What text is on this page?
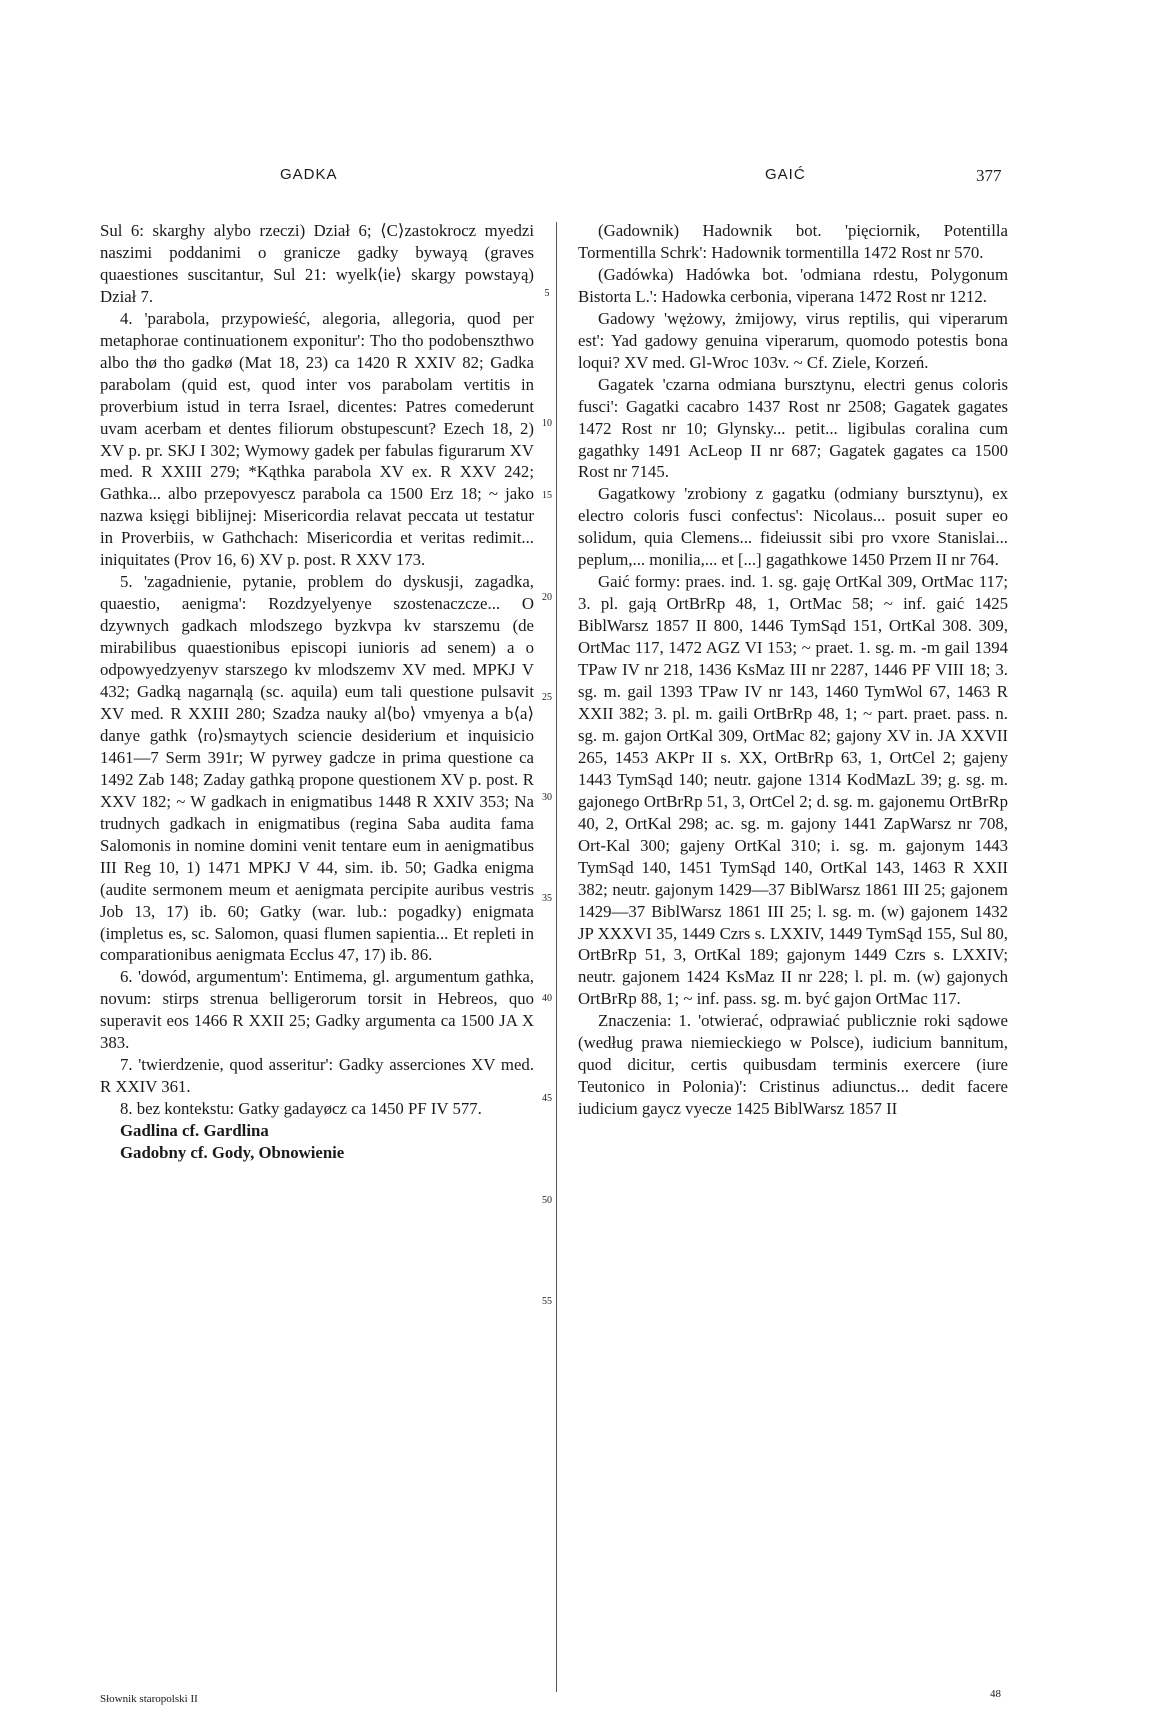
GADKA	GAIĆ	377

Sul 6: skarghy alybo rzeczi) Dział 6; ⟨C⟩zastokrocz myedzi naszimi poddanimi o granicze gadky bywayą (graves quaestiones suscitantur, Sul 21: wyelk⟨ie⟩ skargy powstayą) Dział 7.

4. 'parabola, przypowieść, alegoria, allegoria, quod per metaphorae continuationem exponitur': Tho tho podobenszthwo albo thø tho gadkø (Mat 18, 23) ca 1420 R XXIV 82; Gadka parabolam (quid est, quod inter vos parabolam vertitis in proverbium istud in terra Israel, dicentes: Patres comederunt uvam acerbam et dentes filiorum obstupescunt? Ezech 18, 2) XV p. pr. SKJ I 302; Wymowy gadek per fabulas figurarum XV med. R XXIII 279; *Kąthka parabola XV ex. R XXV 242; Gathka... albo przepovyescz parabola ca 1500 Erz 18; ~ jako nazwa księgi biblijnej: Misericordia relavat peccata ut testatur in Proverbiis, w Gathchach: Misericordia et veritas redimit... iniquitates (Prov 16, 6) XV p. post. R XXV 173.

5. 'zagadnienie, pytanie, problem do dyskusji, zagadka, quaestio, aenigma': Rozdzyelyenye szostenaczcze... O dzywnych gadkach mlodszego byzkvpa kv starszemu (de mirabilibus quaestionibus episcopi iunioris ad senem) a o odpowyedzyenyv starszego kv mlodszemv XV med. MPKJ V 432; Gadką nagarnąlą (sc. aquila) eum tali questione pulsavit XV med. R XXIII 280; Szadza nauky al⟨bo⟩ vmyenya a b⟨a⟩danye gathk ⟨ro⟩smaytych sciencie desiderium et inquisicio 1461—7 Serm 391r; W pyrwey gadcze in prima questione ca 1492 Zab 148; Zaday gathką propone questionem XV p. post. R XXV 182; ~ W gadkach in enigmatibus 1448 R XXIV 353; Na trudnych gadkach in enigmatibus (regina Saba audita fama Salomonis in nomine domini venit tentare eum in aenigmatibus III Reg 10, 1) 1471 MPKJ V 44, sim. ib. 50; Gadka enigma (audite sermonem meum et aenigmata percipite auribus vestris Job 13, 17) ib. 60; Gatky (war. lub.: pogadky) enigmata (impletus es, sc. Salomon, quasi flumen sapientia... Et repleti in comparationibus aenigmata Ecclus 47, 17) ib. 86.

6. 'dowód, argumentum': Entimema, gl. argumentum gathka, novum: stirps strenua belligerorum torsit in Hebreos, quo superavit eos 1466 R XXII 25; Gadky argumenta ca 1500 JA X 383.

7. 'twierdzenie, quod asseritur': Gadky asserciones XV med. R XXIV 361.

8. bez kontekstu: Gatky gadayøcz ca 1450 PF IV 577.

Gadlina cf. Gardlina

Gadobny cf. Gody, Obnowienie

5
10
15
20
25
30
35
40
45
50
55

(Gadownik) Hadownik bot. 'pięciornik, Potentilla Tormentilla Schrk': Hadownik tormentilla 1472 Rost nr 570.

(Gadówka) Hadówka bot. 'odmiana rdestu, Polygonum Bistorta L.': Hadowka cerbonia, viperana 1472 Rost nr 1212.

Gadowy 'wężowy, żmijowy, virus reptilis, qui viperarum est': Yad gadowy genuina viperarum, quomodo potestis bona loqui? XV med. Gl-Wroc 103v. ~ Cf. Ziele, Korzeń.

Gagatek 'czarna odmiana bursztynu, electri genus coloris fusci': Gagatki cacabro 1437 Rost nr 2508; Gagatek gagates 1472 Rost nr 10; Glynsky... petit... ligibulas coralina cum gagathky 1491 AcLeop II nr 687; Gagatek gagates ca 1500 Rost nr 7145.

Gagatkowy 'zrobiony z gagatku (odmiany bursztynu), ex electro coloris fusci confectus': Nicolaus... posuit super eo solidum, quia Clemens... fideiussit sibi pro vxore Stanislai... peplum,... monilia,... et [...] gagathkowe 1450 Przem II nr 764.

Gaić formy: praes. ind. 1. sg. gaję OrtKal 309, OrtMac 117; 3. pl. gają OrtBrRp 48, 1, OrtMac 58; ~ inf. gaić 1425 BiblWarsz 1857 II 800, 1446 TymSąd 151, OrtKal 308. 309, OrtMac 117, 1472 AGZ VI 153; ~ praet. 1. sg. m. -m gail 1394 TPaw IV nr 218, 1436 KsMaz III nr 2287, 1446 PF VIII 18; 3. sg. m. gail 1393 TPaw IV nr 143, 1460 TymWol 67, 1463 R XXII 382; 3. pl. m. gaili OrtBrRp 48, 1; ~ part. praet. pass. n. sg. m. gajon OrtKal 309, OrtMac 82; gajony XV in. JA XXVII 265, 1453 AKPr II s. XX, OrtBrRp 63, 1, OrtCel 2; gajeny 1443 TymSąd 140; neutr. gajone 1314 KodMazL 39; g. sg. m. gajonego OrtBrRp 51, 3, OrtCel 2; d. sg. m. gajonemu OrtBrRp 40, 2, OrtKal 298; ac. sg. m. gajony 1441 ZapWarsz nr 708, Ort-Kal 300; gajeny OrtKal 310; i. sg. m. gajonym 1443 TymSąd 140, 1451 TymSąd 140, OrtKal 143, 1463 R XXII 382; neutr. gajonym 1429—37 BiblWarsz 1861 III 25; gajonem 1429—37 BiblWarsz 1861 III 25; l. sg. m. (w) gajonem 1432 JP XXXVI 35, 1449 Czrs s. LXXIV, 1449 TymSąd 155, Sul 80, OrtBrRp 51, 3, OrtKal 189; gajonym 1449 Czrs s. LXXIV; neutr. gajonem 1424 KsMaz II nr 228; l. pl. m. (w) gajonych OrtBrRp 88, 1; ~ inf. pass. sg. m. być gajon OrtMac 117.

Znaczenia: 1. 'otwierać, odprawiać publicznie roki sądowe (według prawa niemieckiego w Polsce), iudicium bannitum, quod dicitur, certis quibusdam terminis exercere (iure Teutonico in Polonia)': Cristinus adiunctus... dedit facere iudicium gaycz vyecze 1425 BiblWarsz 1857 II

Słownik staropolski II	48
